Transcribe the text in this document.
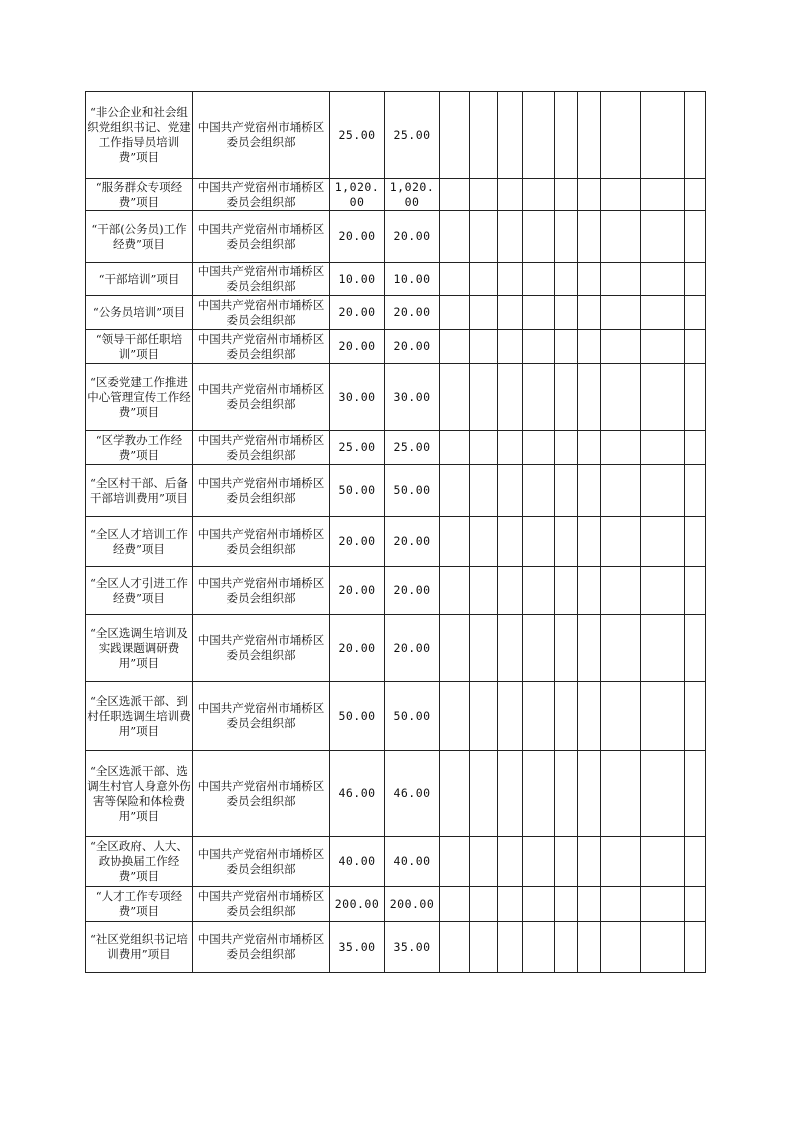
“非公企业和社会组织党组织书记、党建工作指导员培训费”项目	中国共产党宿州市埇桥区委员会组织部	25.00	25.00									
“服务群众专项经费”项目	中国共产党宿州市埇桥区委员会组织部	1,020.00	1,020.00									
“干部(公务员)工作经费”项目	中国共产党宿州市埇桥区委员会组织部	20.00	20.00									
“干部培训”项目	中国共产党宿州市埇桥区委员会组织部	10.00	10.00									
“公务员培训”项目	中国共产党宿州市埇桥区委员会组织部	20.00	20.00									
“领导干部任职培训”项目	中国共产党宿州市埇桥区委员会组织部	20.00	20.00									
“区委党建工作推进中心管理宣传工作经费”项目	中国共产党宿州市埇桥区委员会组织部	30.00	30.00									
“区学教办工作经费”项目	中国共产党宿州市埇桥区委员会组织部	25.00	25.00									
“全区村干部、后备干部培训费用”项目	中国共产党宿州市埇桥区委员会组织部	50.00	50.00									
“全区人才培训工作经费”项目	中国共产党宿州市埇桥区委员会组织部	20.00	20.00									
“全区人才引进工作经费”项目	中国共产党宿州市埇桥区委员会组织部	20.00	20.00									
“全区选调生培训及实践课题调研费用”项目	中国共产党宿州市埇桥区委员会组织部	20.00	20.00									
“全区选派干部、到村任职选调生培训费用”项目	中国共产党宿州市埇桥区委员会组织部	50.00	50.00									
“全区选派干部、选调生村官人身意外伤害等保险和体检费用”项目	中国共产党宿州市埇桥区委员会组织部	46.00	46.00									
“全区政府、人大、政协换届工作经费”项目	中国共产党宿州市埇桥区委员会组织部	40.00	40.00									
“人才工作专项经费”项目	中国共产党宿州市埇桥区委员会组织部	200.00	200.00									
“社区党组织书记培训费用”项目	中国共产党宿州市埇桥区委员会组织部	35.00	35.00									
